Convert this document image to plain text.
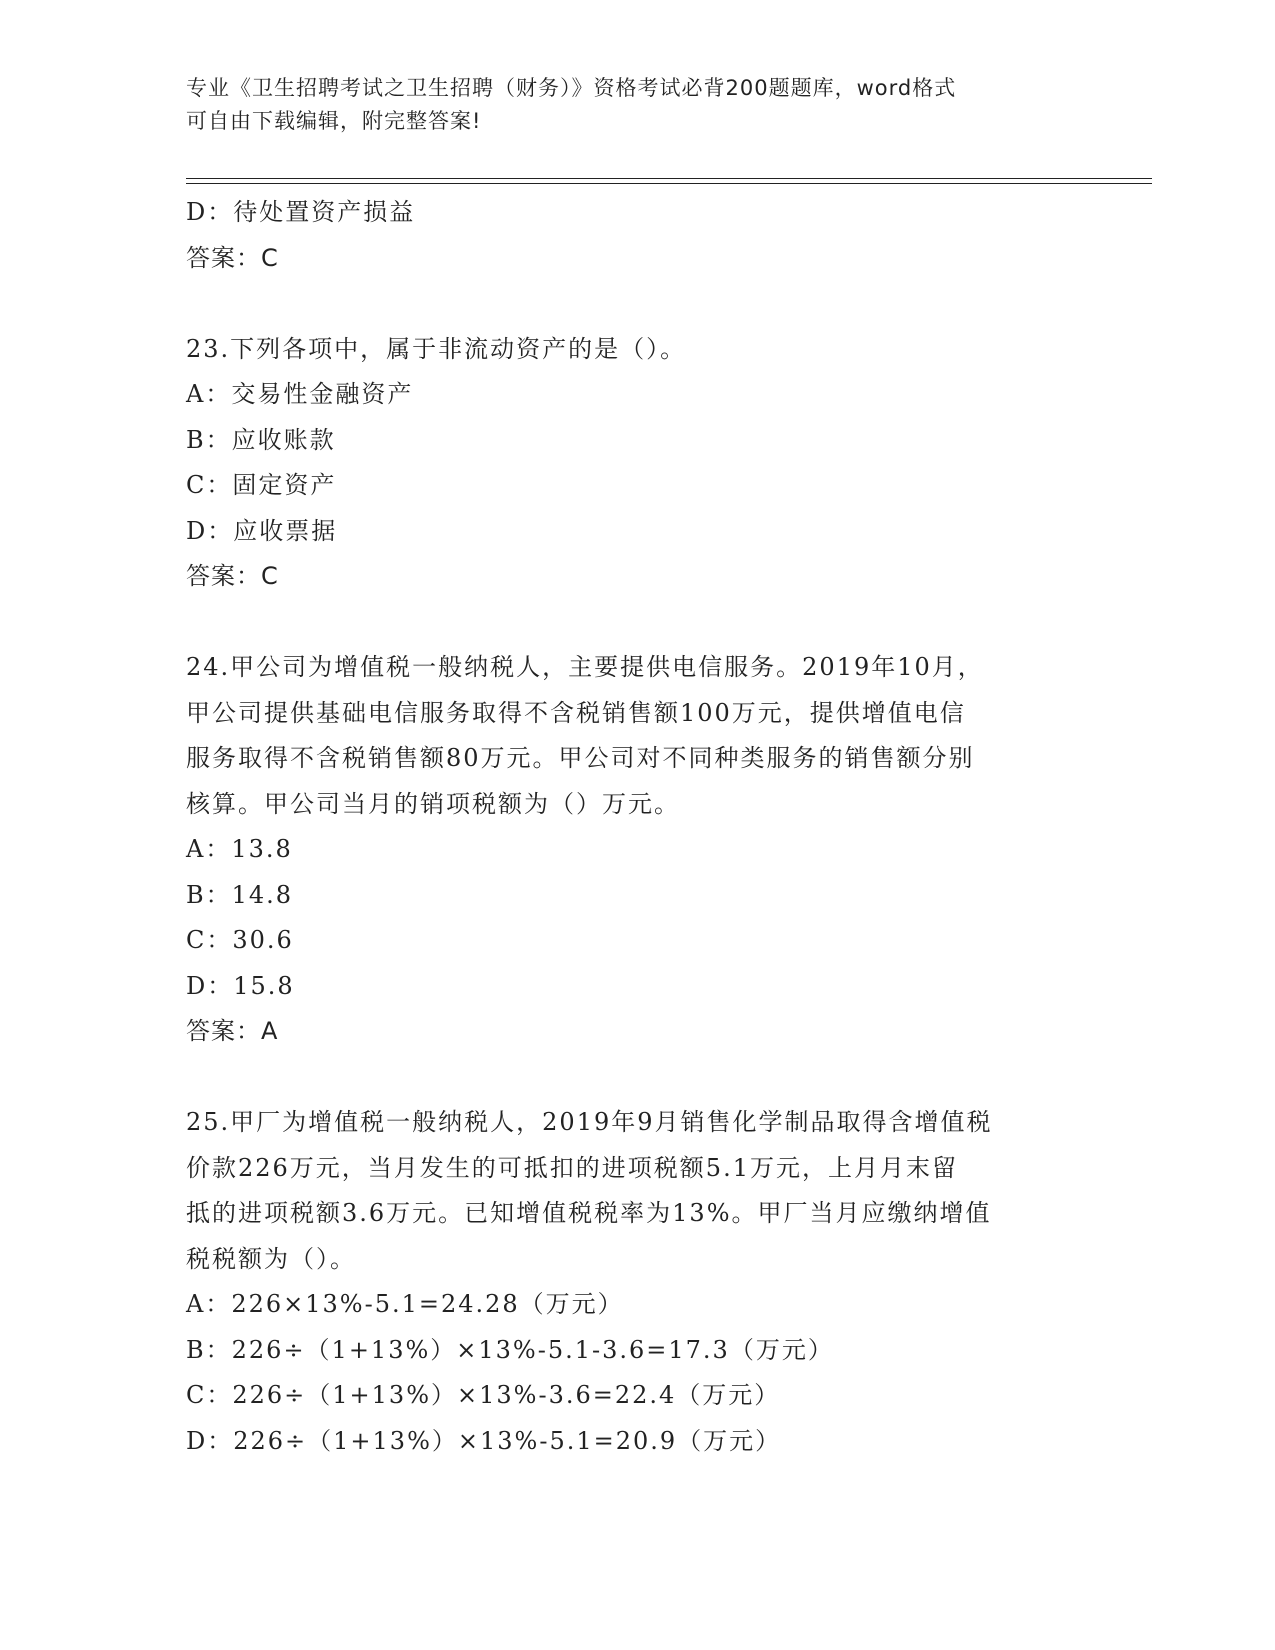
专业《卫生招聘考试之卫生招聘（财务）》资格考试必背200题题库，word格式
可自由下载编辑，附完整答案!
D：待处置资产损益
答案：C
23.下列各项中，属于非流动资产的是（）。
A：交易性金融资产
B：应收账款
C：固定资产
D：应收票据
答案：C
24.甲公司为增值税一般纳税人，主要提供电信服务。2019年10月，
甲公司提供基础电信服务取得不含税销售额100万元，提供增值电信
服务取得不含税销售额80万元。甲公司对不同种类服务的销售额分别
核算。甲公司当月的销项税额为（）万元。
A：13.8
B：14.8
C：30.6
D：15.8
答案：A
25.甲厂为增值税一般纳税人，2019年9月销售化学制品取得含增值税
价款226万元，当月发生的可抵扣的进项税额5.1万元，上月月末留
抵的进项税额3.6万元。已知增值税税率为13%。甲厂当月应缴纳增值
税税额为（）。
A：226×13%-5.1=24.28（万元）
B：226÷（1+13%）×13%-5.1-3.6=17.3（万元）
C：226÷（1+13%）×13%-3.6=22.4（万元）
D：226÷（1+13%）×13%-5.1=20.9（万元）
